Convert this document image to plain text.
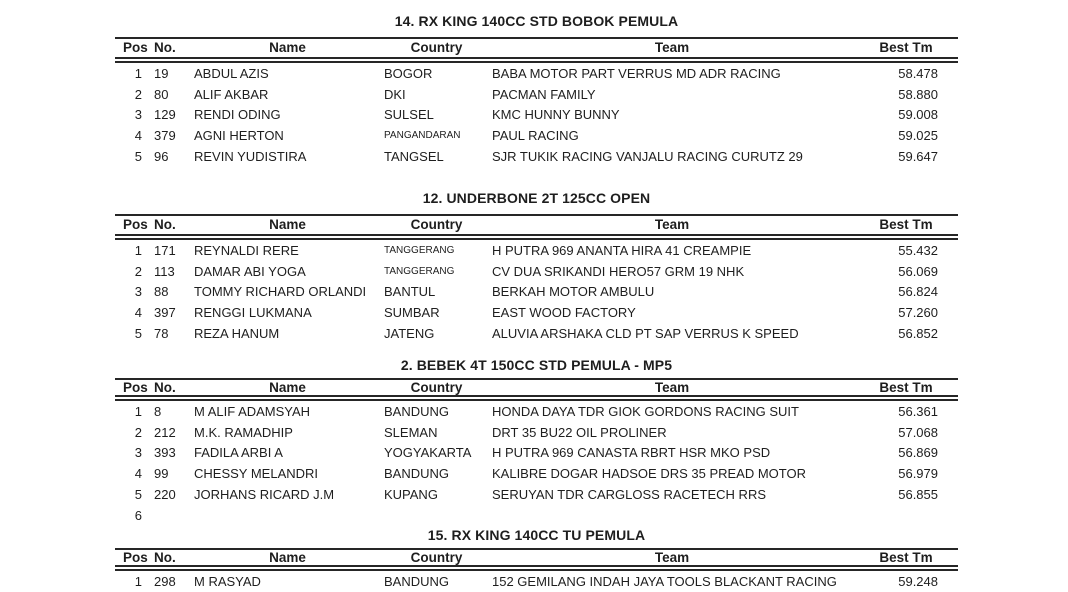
14. RX KING 140CC STD BOBOK PEMULA
Pos	No.	Name	Country	Team	Best Tm
1	19	ABDUL AZIS	BOGOR	BABA MOTOR PART VERRUS MD ADR RACING	58.478
2	80	ALIF AKBAR	DKI	PACMAN FAMILY	58.880
3	129	RENDI ODING	SULSEL	KMC HUNNY BUNNY	59.008
4	379	AGNI HERTON	PANGANDARAN	PAUL RACING	59.025
5	96	REVIN YUDISTIRA	TANGSEL	SJR TUKIK RACING VANJALU RACING CURUTZ 29	59.647
12. UNDERBONE 2T 125CC OPEN
Pos	No.	Name	Country	Team	Best Tm
1	171	REYNALDI RERE	TANGGERANG	H PUTRA 969 ANANTA HIRA 41 CREAMPIE	55.432
2	113	DAMAR ABI YOGA	TANGGERANG	CV DUA SRIKANDI HERO57 GRM 19 NHK	56.069
3	88	TOMMY RICHARD ORLANDI	BANTUL	BERKAH MOTOR AMBULU	56.824
4	397	RENGGI LUKMANA	SUMBAR	EAST WOOD FACTORY	57.260
5	78	REZA HANUM	JATENG	ALUVIA ARSHAKA CLD PT SAP VERRUS K SPEED	56.852
2. BEBEK 4T 150CC STD PEMULA - MP5
Pos	No.	Name	Country	Team	Best Tm
1	8	M ALIF ADAMSYAH	BANDUNG	HONDA DAYA TDR GIOK GORDONS RACING SUIT	56.361
2	212	M.K. RAMADHIP	SLEMAN	DRT 35 BU22 OIL PROLINER	57.068
3	393	FADILA ARBI A	YOGYAKARTA	H PUTRA 969 CANASTA RBRT HSR MKO PSD	56.869
4	99	CHESSY MELANDRI	BANDUNG	KALIBRE DOGAR HADSOE DRS 35 PREAD MOTOR	56.979
5	220	JORHANS RICARD J.M	KUPANG	SERUYAN TDR CARGLOSS RACETECH RRS	56.855
6					
15. RX KING 140CC TU PEMULA
Pos	No.	Name	Country	Team	Best Tm
1	298	M RASYAD	BANDUNG	152 GEMILANG INDAH JAYA TOOLS BLACKANT RACING	59.248
